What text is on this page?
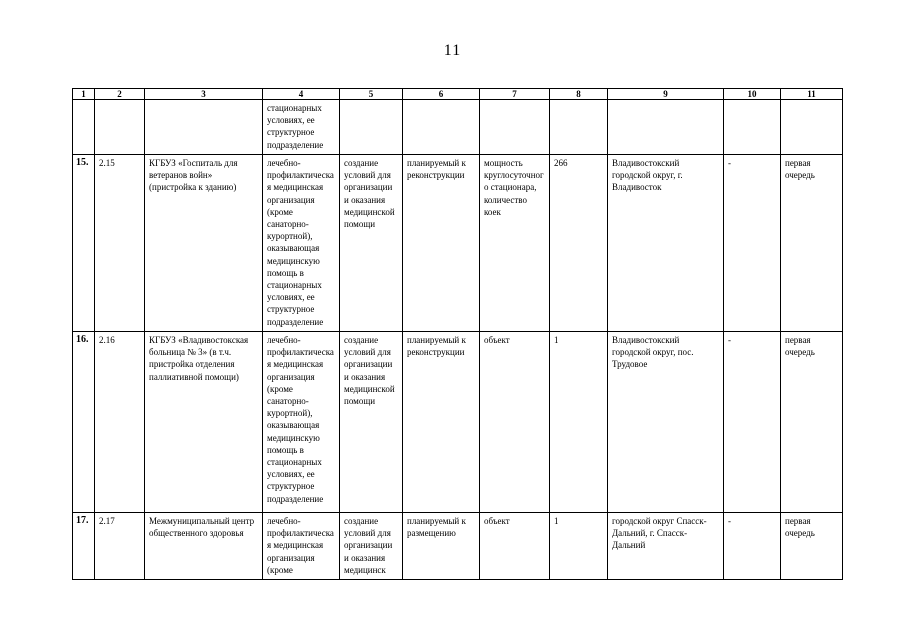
11
1	2	3	4	5	6	7	8	9	10	11
			стационарных условиях, ее структурное подразделение							
15.	2.15	КГБУЗ «Госпиталь для ветеранов войн» (пристройка к зданию)	лечебно-профилактическая медицинская организация (кроме санаторно-курортной), оказывающая медицинскую помощь в стационарных условиях, ее структурное подразделение	создание условий для организации и оказания медицинской помощи	планируемый к реконструкции	мощность круглосуточного стационара, количество коек	266	Владивостокский городской округ, г. Владивосток	-	первая очередь
16.	2.16	КГБУЗ «Владивостокская больница № 3» (в т.ч. пристройка отделения паллиативной помощи)	лечебно-профилактическая медицинская организация (кроме санаторно-курортной), оказывающая медицинскую помощь в стационарных условиях, ее структурное подразделение	создание условий для организации и оказания медицинской помощи	планируемый к реконструкции	объект	1	Владивостокский городской округ, пос. Трудовое	-	первая очередь
17.	2.17	Межмуниципальный центр общественного здоровья	лечебно-профилактическая медицинская организация (кроме	создание условий для организации и оказания медицинск	планируемый к размещению	объект	1	городской округ Спасск-Дальний, г. Спасск-Дальний	-	первая очередь
